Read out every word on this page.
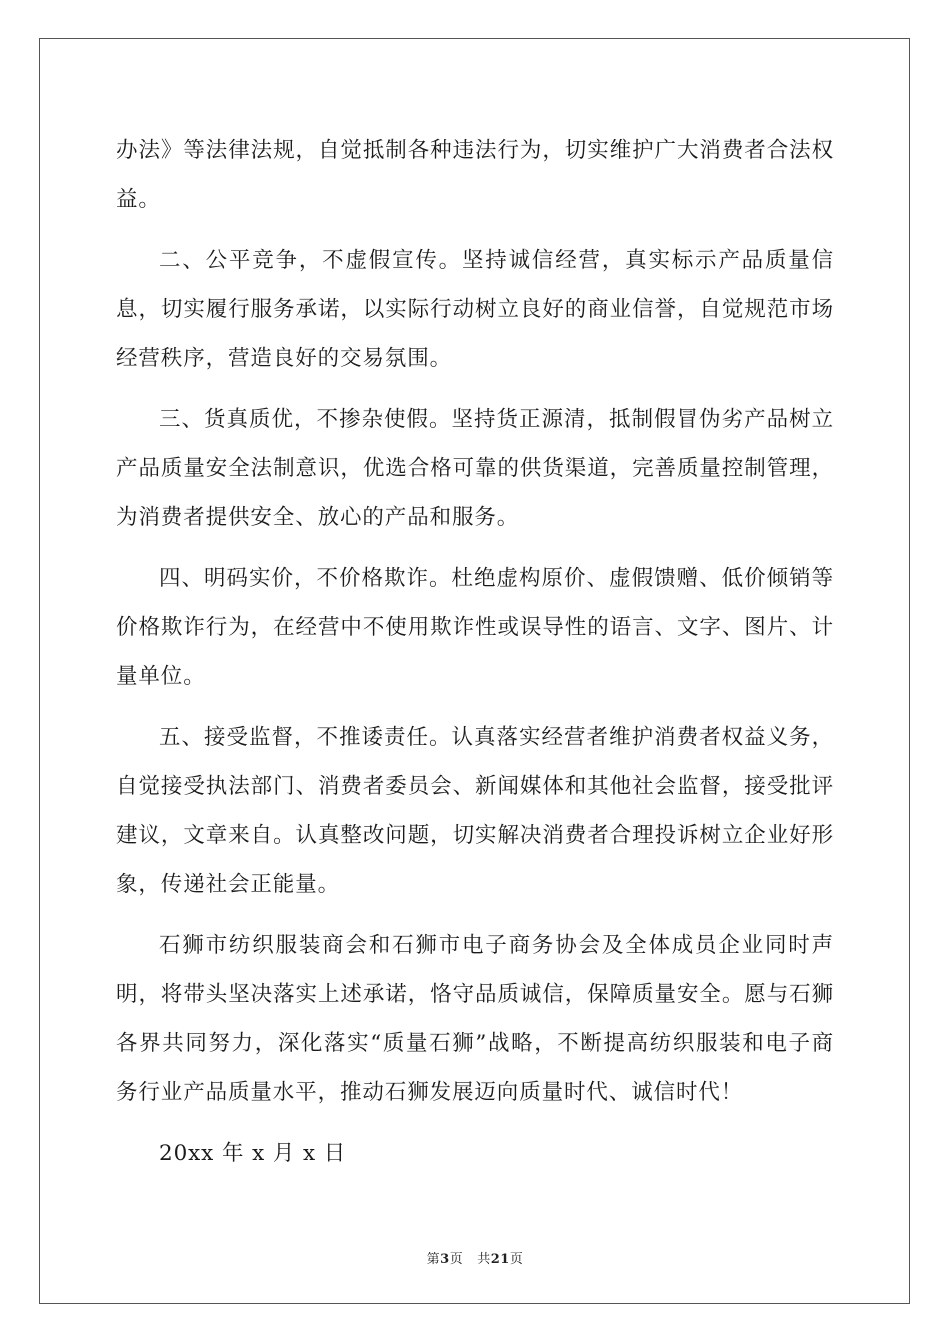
办法》等法律法规，自觉抵制各种违法行为，切实维护广大消费者合法权益。

二、公平竞争，不虚假宣传。坚持诚信经营，真实标示产品质量信息，切实履行服务承诺，以实际行动树立良好的商业信誉，自觉规范市场经营秩序，营造良好的交易氛围。

三、货真质优，不掺杂使假。坚持货正源清，抵制假冒伪劣产品树立产品质量安全法制意识，优选合格可靠的供货渠道，完善质量控制管理，为消费者提供安全、放心的产品和服务。

四、明码实价，不价格欺诈。杜绝虚构原价、虚假馈赠、低价倾销等价格欺诈行为，在经营中不使用欺诈性或误导性的语言、文字、图片、计量单位。

五、接受监督，不推诿责任。认真落实经营者维护消费者权益义务，自觉接受执法部门、消费者委员会、新闻媒体和其他社会监督，接受批评建议，文章来自。认真整改问题，切实解决消费者合理投诉树立企业好形象，传递社会正能量。

石狮市纺织服装商会和石狮市电子商务协会及全体成员企业同时声明，将带头坚决落实上述承诺，恪守品质诚信，保障质量安全。愿与石狮各界共同努力，深化落实“质量石狮”战略，不断提高纺织服装和电子商务行业产品质量水平，推动石狮发展迈向质量时代、诚信时代！

20xx 年 x 月 x 日

第3页 共21页
